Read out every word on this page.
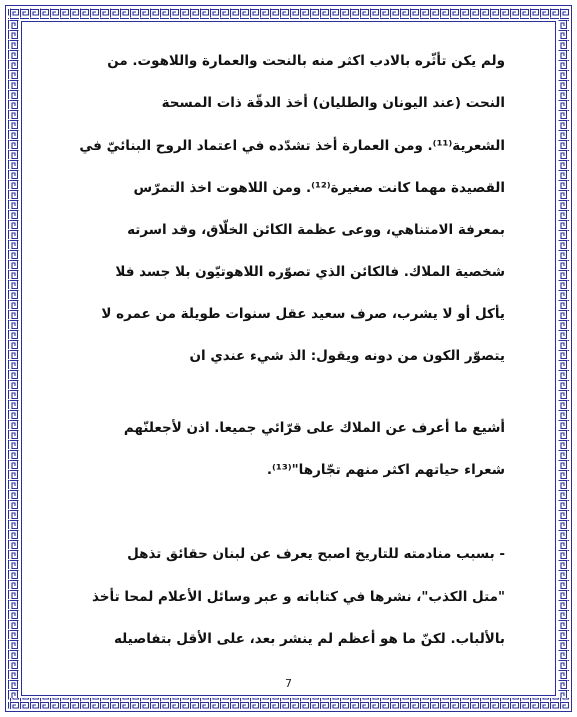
ولم يكن تأثّره بالادب اكثر منه بالنحت والعمارة واللاهوت. من
النحت (عند اليونان والطليان) أخذ الدقّة ذات المسحة
الشعرية⁽¹¹⁾. ومن العمارة أخذ تشدّده في اعتماد الروح البنائيّ في
القصيدة مهما كانت صغيرة⁽¹²⁾. ومن اللاهوت اخذ التمرّس
بمعرفة الامتناهي، ووعى عظمة الكائن الخلّاق، وقد اسرته
شخصية الملاك. فالكائن الذي تصوّره اللاهوتيّون بلا جسد فلا
يأكل أو لا يشرب، صرف سعيد عقل سنوات طويلة من عمره لا
يتصوّر الكون من دونه ويقول: الذ شيء عندي ان
أشيع ما أعرف عن الملاك على قرّائي جميعا. اذن لأجعلنّهم
شعراء حياتهم اكثر منهم تجّارها"⁽¹³⁾.
- بسبب منادمته للتاريخ اصبح يعرف عن لبنان حقائق تذهل
"متل الكذب"، نشرها في كتاباته و عبر وسائل الأعلام لمحا تأخذ
بالألباب. لكنّ ما هو أعظم لم ينشر بعد، على الأقل بتفاصيله
7
